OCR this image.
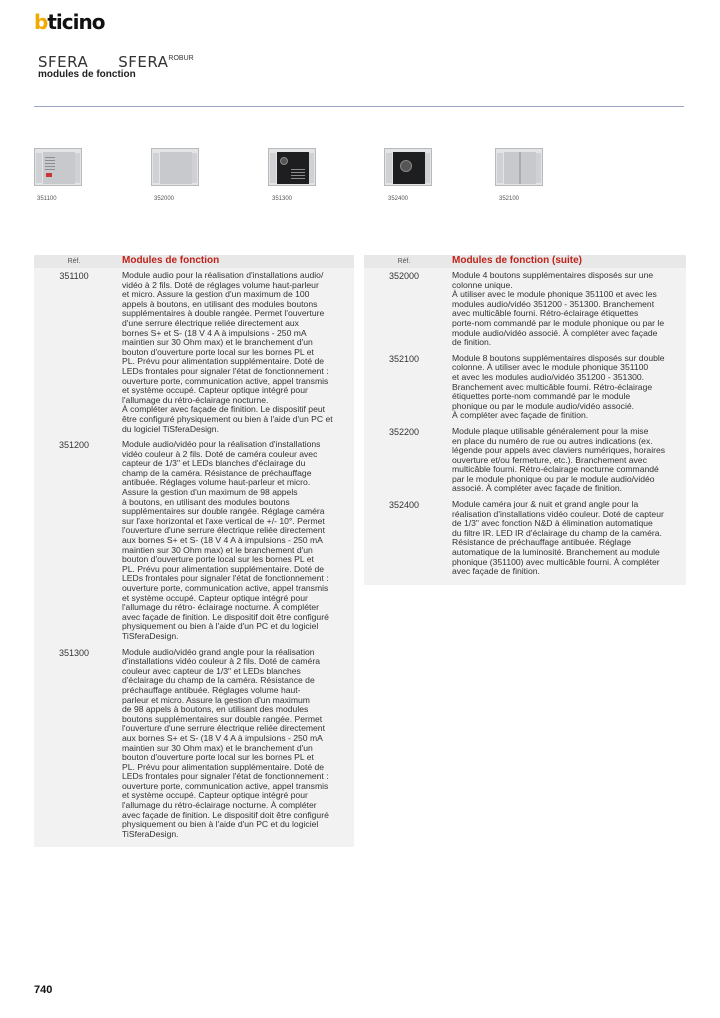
bticino
SFERA $SFERA^{ROBUR}$
modules de fonction
351100	352000	351300	352400	352100
Réf.	Modules de fonction
351100	Module audio pour la réalisation d'installations audio/
vidéo à 2 fils. Doté de réglages volume haut-parleur
et micro. Assure la gestion d'un maximum de 100
appels à boutons, en utilisant des modules boutons
supplémentaires à double rangée. Permet l'ouverture
d'une serrure électrique reliée directement aux
bornes S+ et S- (18 V 4 A à impulsions - 250 mA
maintien sur 30 Ohm max) et le branchement d'un
bouton d'ouverture porte local sur les bornes PL et
PL. Prévu pour alimentation supplémentaire. Doté de
LEDs frontales pour signaler l'état de fonctionnement :
ouverture porte, communication active, appel transmis
et système occupé. Capteur optique intégré pour
l'allumage du rétro-éclairage nocturne.
À compléter avec façade de finition. Le dispositif peut
être configuré physiquement ou bien à l'aide d'un PC et
du logiciel TiSferaDesign.
351200	Module audio/vidéo pour la réalisation d'installations
vidéo couleur à 2 fils. Doté de caméra couleur avec
capteur de 1/3" et LEDs blanches d'éclairage du
champ de la caméra. Résistance de préchauffage
antibuée. Réglages volume haut-parleur et micro.
Assure la gestion d'un maximum de 98 appels
à boutons, en utilisant des modules boutons
supplémentaires sur double rangée. Réglage caméra
sur l'axe horizontal et l'axe vertical de +/- 10°. Permet
l'ouverture d'une serrure électrique reliée directement
aux bornes S+ et S- (18 V 4 A à impulsions - 250 mA
maintien sur 30 Ohm max) et le branchement d'un
bouton d'ouverture porte local sur les bornes PL et
PL. Prévu pour alimentation supplémentaire. Doté de
LEDs frontales pour signaler l'état de fonctionnement :
ouverture porte, communication active, appel transmis
et système occupé. Capteur optique intégré pour
l'allumage du rétro- éclairage nocturne. À compléter
avec façade de finition. Le dispositif doit être configuré
physiquement ou bien à l'aide d'un PC et du logiciel
TiSferaDesign.
351300	Module audio/vidéo grand angle pour la réalisation
d'installations vidéo couleur à 2 fils. Doté de caméra
couleur avec capteur de 1/3" et LEDs blanches
d'éclairage du champ de la caméra. Résistance de
préchauffage antibuée. Réglages volume haut-
parleur et micro. Assure la gestion d'un maximum
de 98 appels à boutons, en utilisant des modules
boutons supplémentaires sur double rangée. Permet
l'ouverture d'une serrure électrique reliée directement
aux bornes S+ et S- (18 V 4 A à impulsions - 250 mA
maintien sur 30 Ohm max) et le branchement d'un
bouton d'ouverture porte local sur les bornes PL et
PL. Prévu pour alimentation supplémentaire. Doté de
LEDs frontales pour signaler l'état de fonctionnement :
ouverture porte, communication active, appel transmis
et système occupé. Capteur optique intégré pour
l'allumage du rétro-éclairage nocturne. À compléter
avec façade de finition. Le dispositif doit être configuré
physiquement ou bien à l'aide d'un PC et du logiciel
TiSferaDesign.
Réf.	Modules de fonction (suite)
352000	Module 4 boutons supplémentaires disposés sur une
colonne unique.
À utiliser avec le module phonique 351100 et avec les
modules audio/vidéo 351200 - 351300. Branchement
avec multicâble fourni. Rétro-éclairage étiquettes
porte-nom commandé par le module phonique ou par le
module audio/vidéo associé. À compléter avec façade
de finition.
352100	Module 8 boutons supplémentaires disposés sur double
colonne. À utiliser avec le module phonique 351100
et avec les modules audio/vidéo 351200 - 351300.
Branchement avec multicâble fourni. Rétro-éclairage
étiquettes porte-nom commandé par le module
phonique ou par le module audio/vidéo associé.
À compléter avec façade de finition.
352200	Module plaque utilisable généralement pour la mise
en place du numéro de rue ou autres indications (ex.
légende pour appels avec claviers numériques, horaires
ouverture et/ou fermeture, etc.). Branchement avec
multicâble fourni. Rétro-éclairage nocturne commandé
par le module phonique ou par le module audio/vidéo
associé. À compléter avec façade de finition.
352400	Module caméra jour & nuit et grand angle pour la
réalisation d'installations vidéo couleur. Doté de capteur
de 1/3" avec fonction N&D à élimination automatique
du filtre IR. LED IR d'éclairage du champ de la caméra.
Résistance de préchauffage antibuée. Réglage
automatique de la luminosité. Branchement au module
phonique (351100) avec multicâble fourni. À compléter
avec façade de finition.
740
